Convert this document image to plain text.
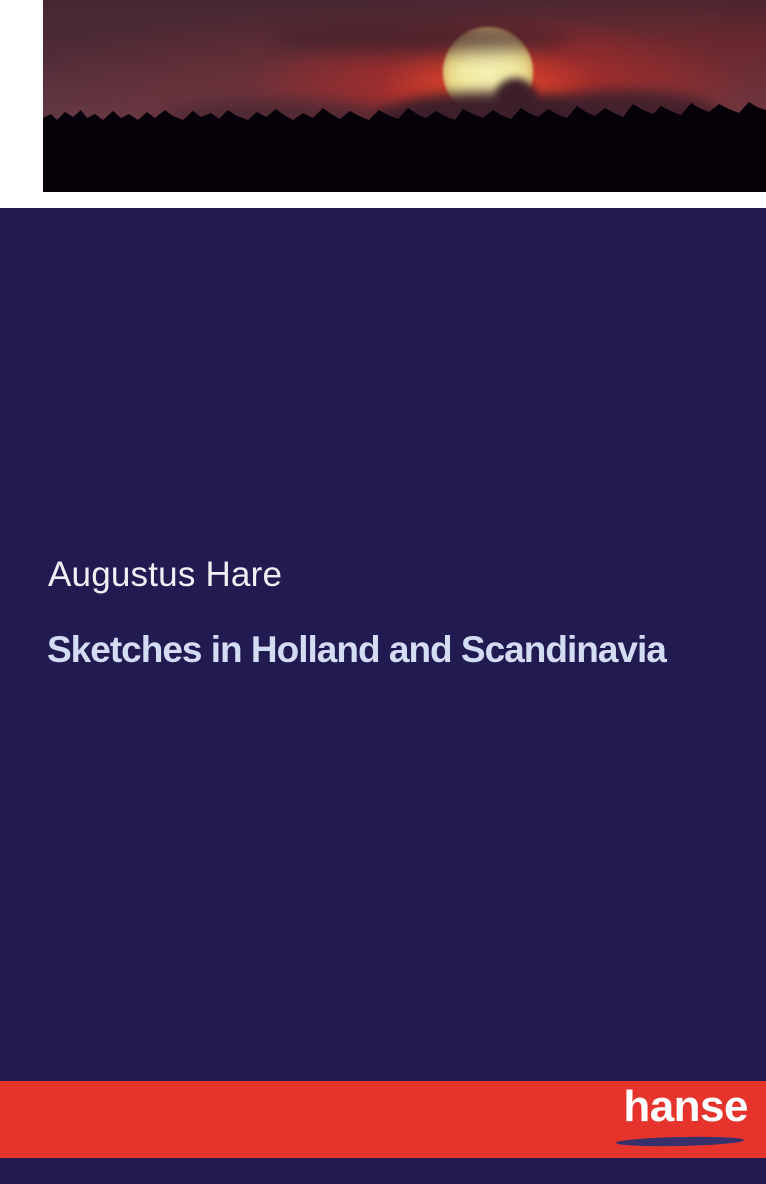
Augustus Hare
Sketches in Holland and Scandinavia
hanse
